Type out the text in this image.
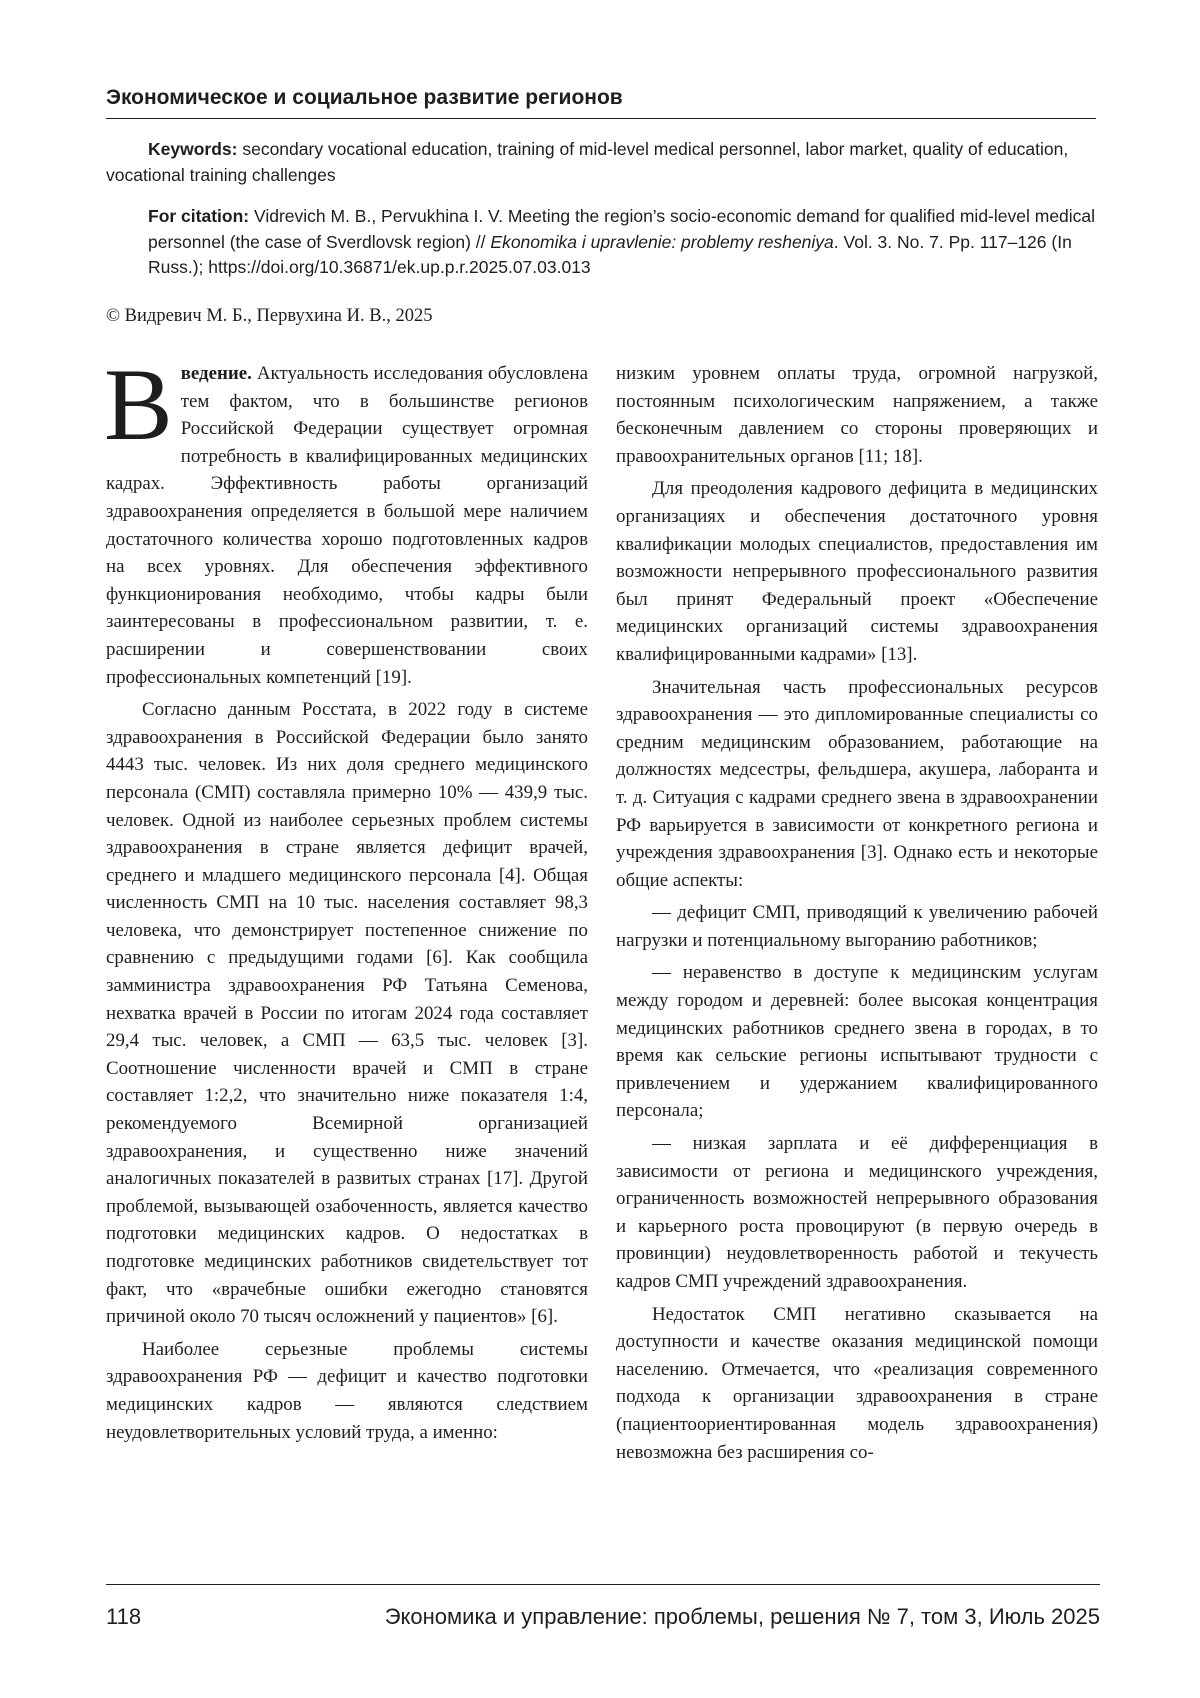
Экономическое и социальное развитие регионов
Keywords: secondary vocational education, training of mid-level medical personnel, labor market, quality of education, vocational training challenges
For citation: Vidrevich M. B., Pervukhina I. V. Meeting the region’s socio-economic demand for qualified mid-level medical personnel (the case of Sverdlovsk region) // Ekonomika i upravlenie: problemy resheniya. Vol. 3. No. 7. Pp. 117–126 (In Russ.); https://doi.org/10.36871/ek.up.p.r.2025.07.03.013
© Видревич М. Б., Первухина И. В., 2025

Введение. Актуальность исследования обусловлена тем фактом, что в большинстве регионов Российской Федерации существует огромная потребность в квалифицированных медицинских кадрах. Эффективность работы организаций здравоохранения определяется в большой мере наличием достаточного количества хорошо подготовленных кадров на всех уровнях. Для обеспечения эффективного функционирования необходимо, чтобы кадры были заинтересованы в профессиональном развитии, т. е. расширении и совершенствовании своих профессиональных компетенций [19].

Согласно данным Росстата, в 2022 году в системе здравоохранения в Российской Федерации было занято 4443 тыс. человек. Из них доля среднего медицинского персонала (СМП) составляла примерно 10% — 439,9 тыс. человек. Одной из наиболее серьезных проблем системы здравоохранения в стране является дефицит врачей, среднего и младшего медицинского персонала [4]. Общая численность СМП на 10 тыс. населения составляет 98,3 человека, что демонстрирует постепенное снижение по сравнению с предыдущими годами [6]. Как сообщила замминистра здравоохранения РФ Татьяна Семенова, нехватка врачей в России по итогам 2024 года составляет 29,4 тыс. человек, а СМП — 63,5 тыс. человек [3]. Соотношение численности врачей и СМП в стране составляет 1:2,2, что значительно ниже показателя 1:4, рекомендуемого Всемирной организацией здравоохранения, и существенно ниже значений аналогичных показателей в развитых странах [17]. Другой проблемой, вызывающей озабоченность, является качество подготовки медицинских кадров. О недостатках в подготовке медицинских работников свидетельствует тот факт, что «врачебные ошибки ежегодно становятся причиной около 70 тысяч осложнений у пациентов» [6].

Наиболее серьезные проблемы системы здравоохранения РФ — дефицит и качество подготовки медицинских кадров — являются следствием неудовлетворительных условий труда, а именно:

низким уровнем оплаты труда, огромной нагрузкой, постоянным психологическим напряжением, а также бесконечным давлением со стороны проверяющих и правоохранительных органов [11; 18].

Для преодоления кадрового дефицита в медицинских организациях и обеспечения достаточного уровня квалификации молодых специалистов, предоставления им возможности непрерывного профессионального развития был принят Федеральный проект «Обеспечение медицинских организаций системы здравоохранения квалифицированными кадрами» [13].

Значительная часть профессиональных ресурсов здравоохранения — это дипломированные специалисты со средним медицинским образованием, работающие на должностях медсестры, фельдшера, акушера, лаборанта и т. д. Ситуация с кадрами среднего звена в здравоохранении РФ варьируется в зависимости от конкретного региона и учреждения здравоохранения [3]. Однако есть и некоторые общие аспекты:

— дефицит СМП, приводящий к увеличению рабочей нагрузки и потенциальному выгоранию работников;

— неравенство в доступе к медицинским услугам между городом и деревней: более высокая концентрация медицинских работников среднего звена в городах, в то время как сельские регионы испытывают трудности с привлечением и удержанием квалифицированного персонала;

— низкая зарплата и её дифференциация в зависимости от региона и медицинского учреждения, ограниченность возможностей непрерывного образования и карьерного роста провоцируют (в первую очередь в провинции) неудовлетворенность работой и текучесть кадров СМП учреждений здравоохранения.

Недостаток СМП негативно сказывается на доступности и качестве оказания медицинской помощи населению. Отмечается, что «реализация современного подхода к организации здравоохранения в стране (пациентоориентированная модель здравоохранения) невозможна без расширения со-

118	Экономика и управление: проблемы, решения № 7, том 3, Июль 2025
